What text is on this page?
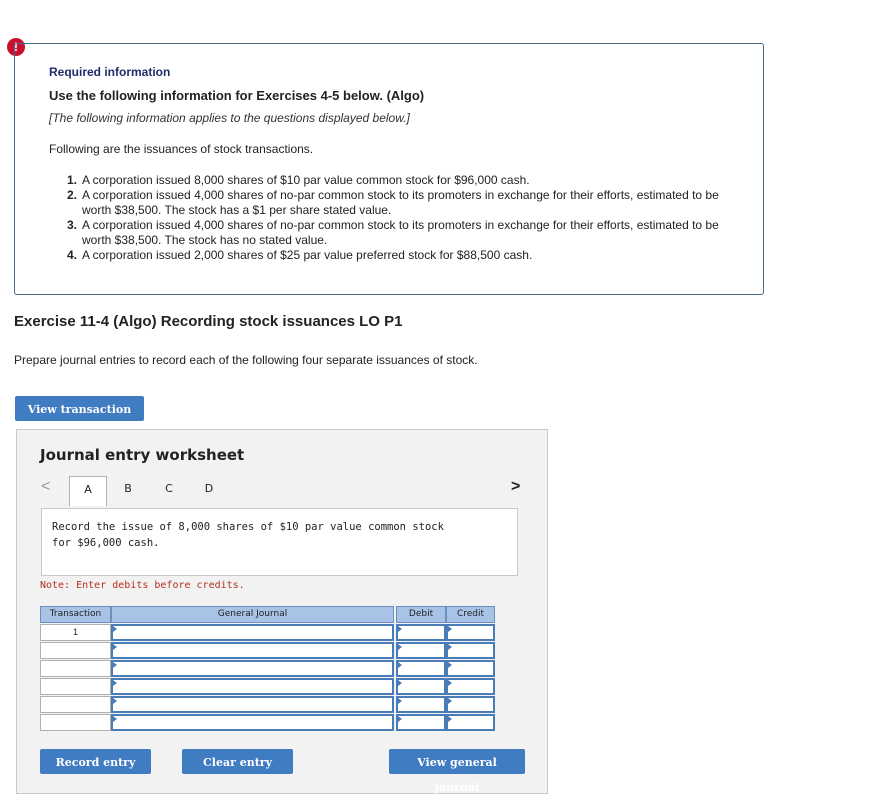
!
Required information
Use the following information for Exercises 4-5 below. (Algo)
[The following information applies to the questions displayed below.]
Following are the issuances of stock transactions.
1. A corporation issued 8,000 shares of $10 par value common stock for $96,000 cash.
2. A corporation issued 4,000 shares of no-par common stock to its promoters in exchange for their efforts, estimated to be worth $38,500. The stock has a $1 per share stated value.
3. A corporation issued 4,000 shares of no-par common stock to its promoters in exchange for their efforts, estimated to be worth $38,500. The stock has no stated value.
4. A corporation issued 2,000 shares of $25 par value preferred stock for $88,500 cash.
Exercise 11-4 (Algo) Recording stock issuances LO P1
Prepare journal entries to record each of the following four separate issuances of stock.
View transaction
Journal entry worksheet
<	A	B	C	D	>
Record the issue of 8,000 shares of $10 par value common stock for $96,000 cash.
Note: Enter debits before credits.
Transaction	General Journal	Debit	Credit
1
Record entry	Clear entry	View general journal
